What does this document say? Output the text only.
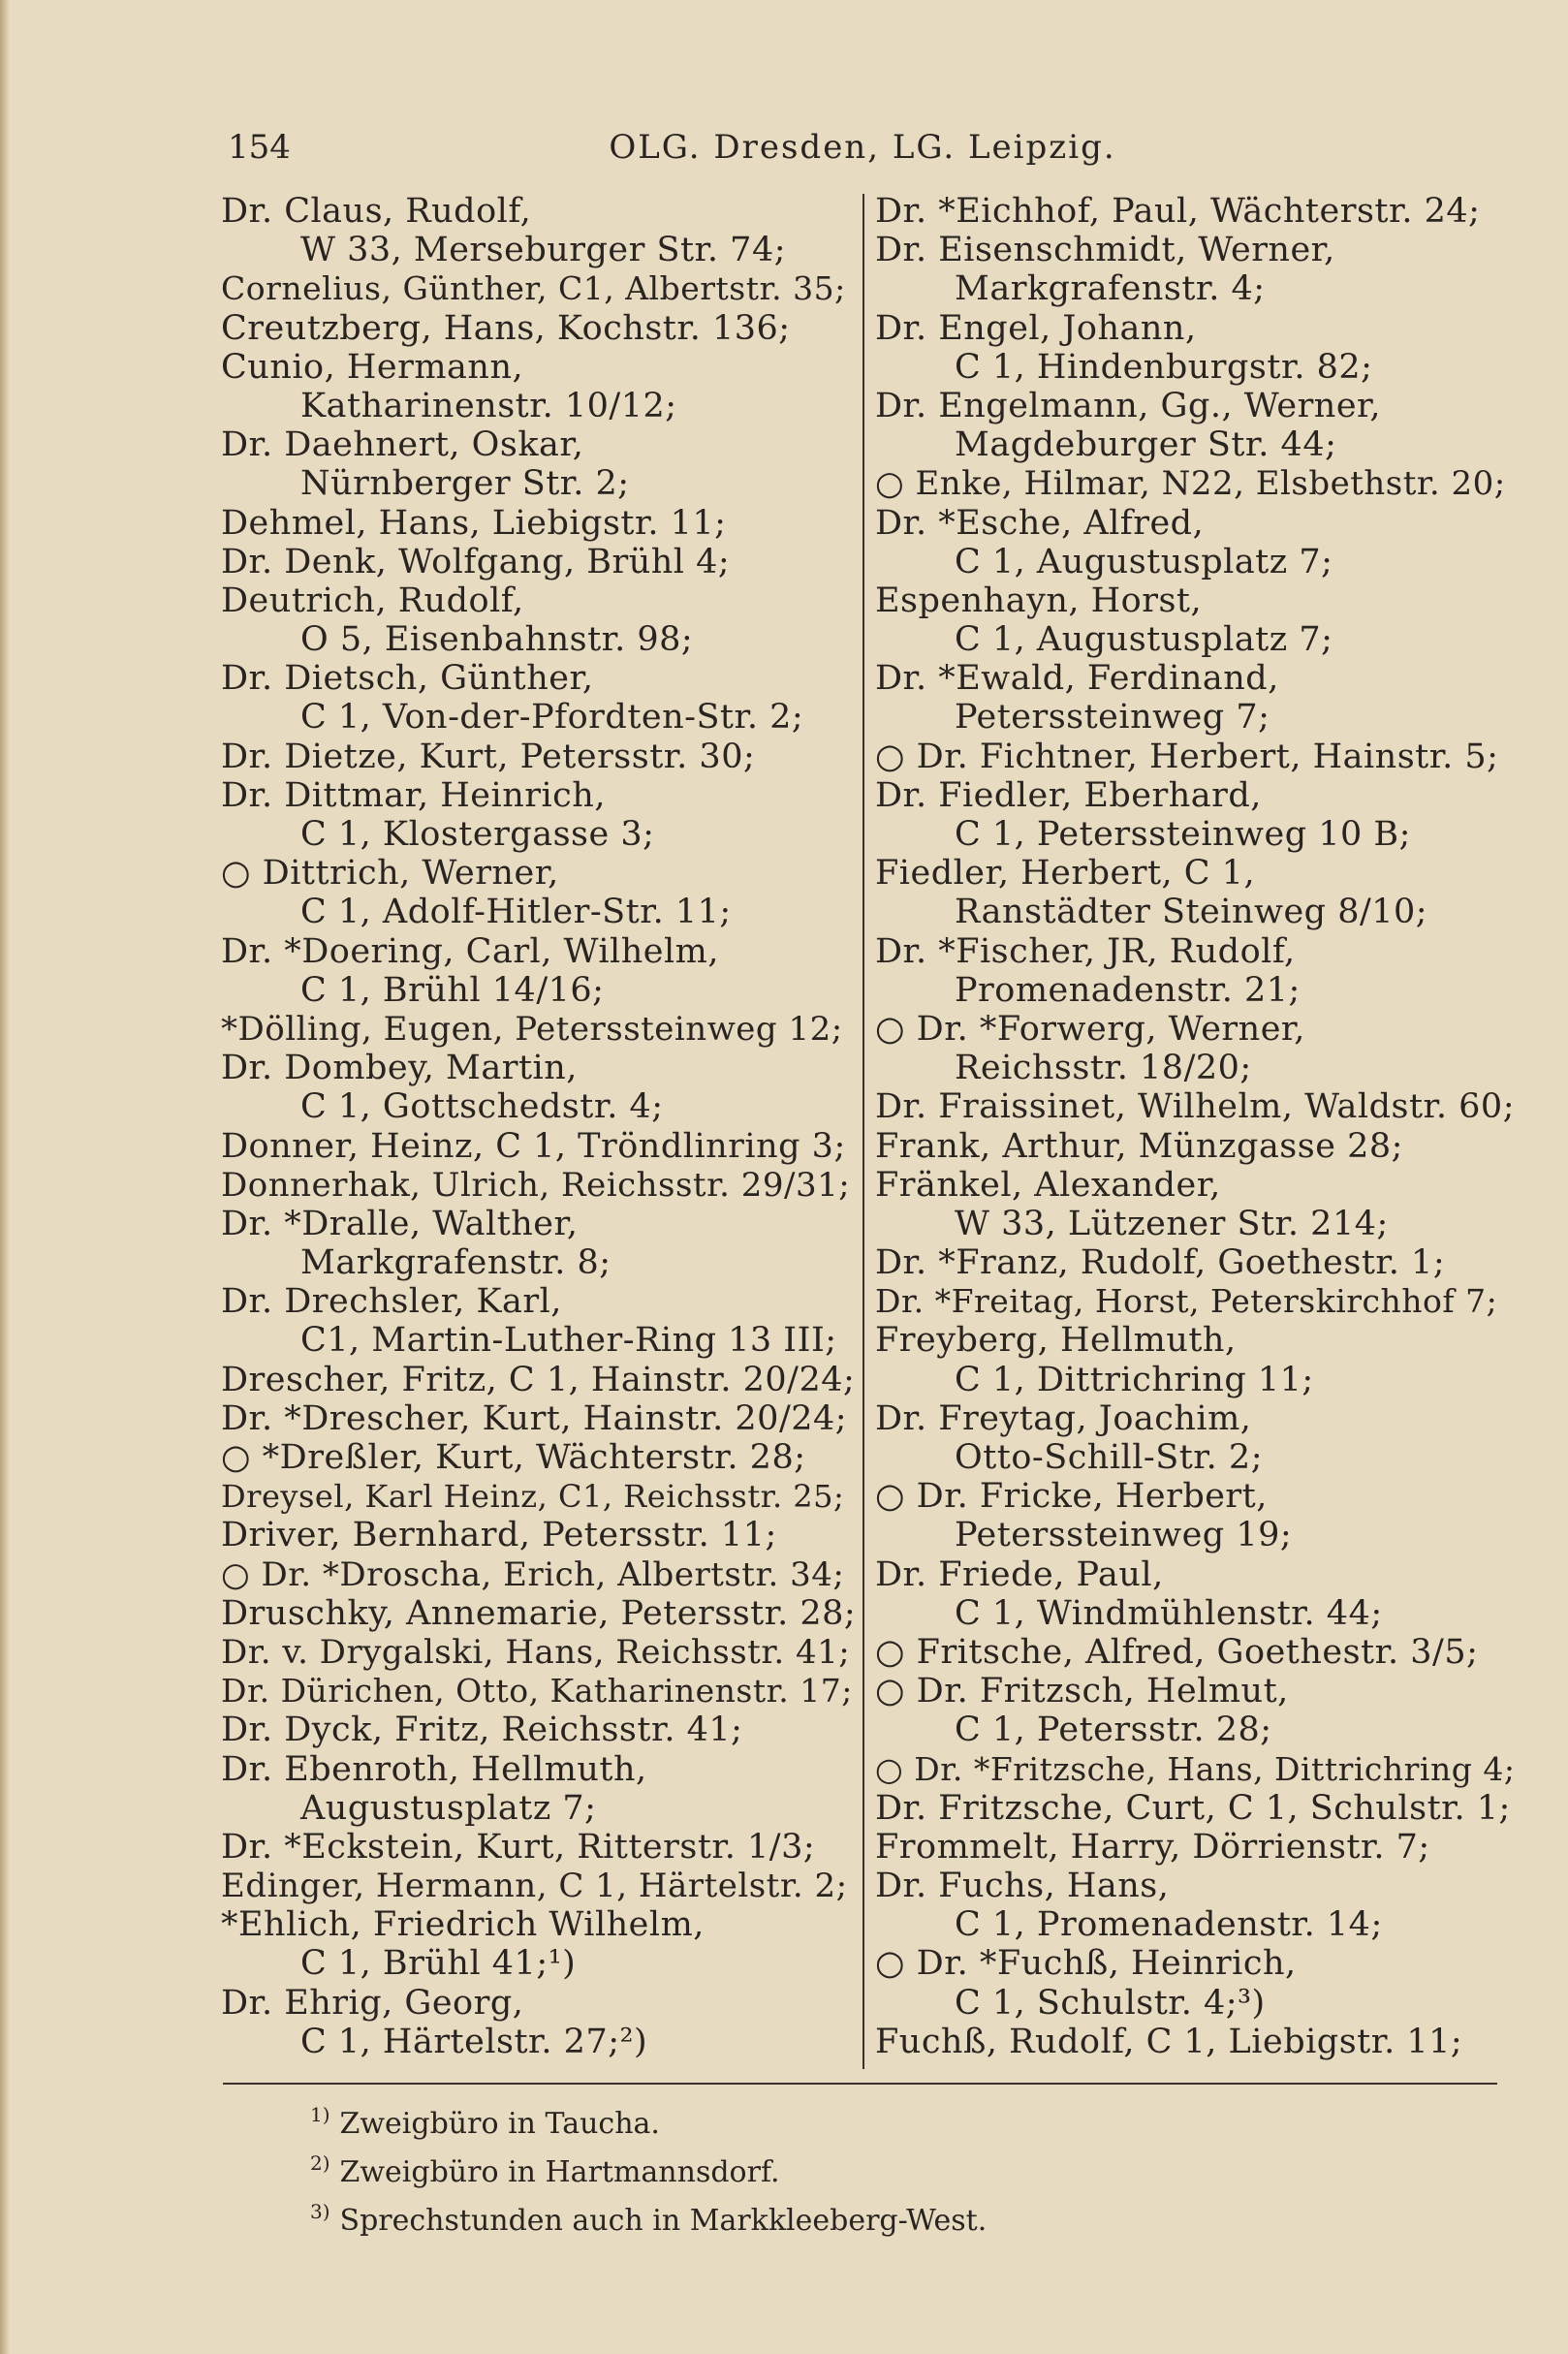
154	OLG. Dresden, LG. Leipzig.
Dr. Claus, Rudolf,
W 33, Merseburger Str. 74;
Cornelius, Günther, C1, Albertstr. 35;
Creutzberg, Hans, Kochstr. 136;
Cunio, Hermann,
Katharinenstr. 10/12;
Dr. Daehnert, Oskar,
Nürnberger Str. 2;
Dehmel, Hans, Liebigstr. 11;
Dr. Denk, Wolfgang, Brühl 4;
Deutrich, Rudolf,
O 5, Eisenbahnstr. 98;
Dr. Dietsch, Günther,
C 1, Von-der-Pfordten-Str. 2;
Dr. Dietze, Kurt, Petersstr. 30;
Dr. Dittmar, Heinrich,
C 1, Klostergasse 3;
○ Dittrich, Werner,
C 1, Adolf-Hitler-Str. 11;
Dr. *Doering, Carl, Wilhelm,
C 1, Brühl 14/16;
*Dölling, Eugen, Peterssteinweg 12;
Dr. Dombey, Martin,
C 1, Gottschedstr. 4;
Donner, Heinz, C 1, Tröndlinring 3;
Donnerhak, Ulrich, Reichsstr. 29/31;
Dr. *Dralle, Walther,
Markgrafenstr. 8;
Dr. Drechsler, Karl,
C1, Martin-Luther-Ring 13 III;
Drescher, Fritz, C 1, Hainstr. 20/24;
Dr. *Drescher, Kurt, Hainstr. 20/24;
○ *Dreßler, Kurt, Wächterstr. 28;
Dreysel, Karl Heinz, C1, Reichsstr. 25;
Driver, Bernhard, Petersstr. 11;
○ Dr. *Droscha, Erich, Albertstr. 34;
Druschky, Annemarie, Petersstr. 28;
Dr. v. Drygalski, Hans, Reichsstr. 41;
Dr. Dürichen, Otto, Katharinenstr. 17;
Dr. Dyck, Fritz, Reichsstr. 41;
Dr. Ebenroth, Hellmuth,
Augustusplatz 7;
Dr. *Eckstein, Kurt, Ritterstr. 1/3;
Edinger, Hermann, C 1, Härtelstr. 2;
*Ehlich, Friedrich Wilhelm,
C 1, Brühl 41;¹)
Dr. Ehrig, Georg,
C 1, Härtelstr. 27;²)
Dr. *Eichhof, Paul, Wächterstr. 24;
Dr. Eisenschmidt, Werner,
Markgrafenstr. 4;
Dr. Engel, Johann,
C 1, Hindenburgstr. 82;
Dr. Engelmann, Gg., Werner,
Magdeburger Str. 44;
○ Enke, Hilmar, N22, Elsbethstr. 20;
Dr. *Esche, Alfred,
C 1, Augustusplatz 7;
Espenhayn, Horst,
C 1, Augustusplatz 7;
Dr. *Ewald, Ferdinand,
Peterssteinweg 7;
○ Dr. Fichtner, Herbert, Hainstr. 5;
Dr. Fiedler, Eberhard,
C 1, Peterssteinweg 10 B;
Fiedler, Herbert, C 1,
Ranstädter Steinweg 8/10;
Dr. *Fischer, JR, Rudolf,
Promenadenstr. 21;
○ Dr. *Forwerg, Werner,
Reichsstr. 18/20;
Dr. Fraissinet, Wilhelm, Waldstr. 60;
Frank, Arthur, Münzgasse 28;
Fränkel, Alexander,
W 33, Lützener Str. 214;
Dr. *Franz, Rudolf, Goethestr. 1;
Dr. *Freitag, Horst, Peterskirchhof 7;
Freyberg, Hellmuth,
C 1, Dittrichring 11;
Dr. Freytag, Joachim,
Otto-Schill-Str. 2;
○ Dr. Fricke, Herbert,
Peterssteinweg 19;
Dr. Friede, Paul,
C 1, Windmühlenstr. 44;
○ Fritsche, Alfred, Goethestr. 3/5;
○ Dr. Fritzsch, Helmut,
C 1, Petersstr. 28;
○ Dr. *Fritzsche, Hans, Dittrichring 4;
Dr. Fritzsche, Curt, C 1, Schulstr. 1;
Frommelt, Harry, Dörrienstr. 7;
Dr. Fuchs, Hans,
C 1, Promenadenstr. 14;
○ Dr. *Fuchß, Heinrich,
C 1, Schulstr. 4;³)
Fuchß, Rudolf, C 1, Liebigstr. 11;
$^{1)}$ Zweigbüro in Taucha.
$^{2)}$ Zweigbüro in Hartmannsdorf.
$^{3)}$ Sprechstunden auch in Markkleeberg-West.
